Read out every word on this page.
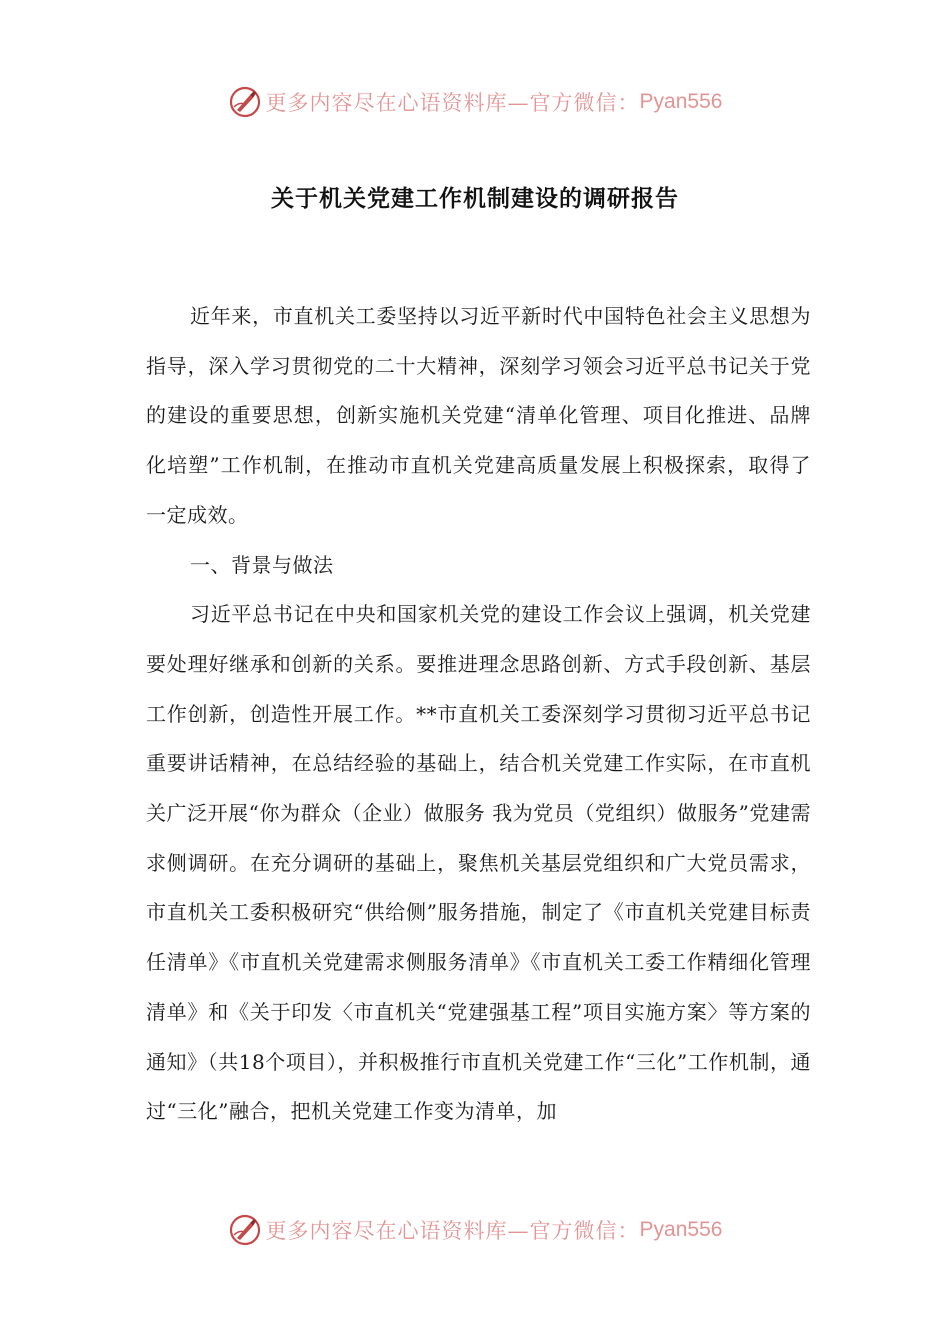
更多内容尽在心语资料库—官方微信： Pyan556
关于机关党建工作机制建设的调研报告

近年来，市直机关工委坚持以习近平新时代中国特色社会主义思想为指导，深入学习贯彻党的二十大精神，深刻学习领会习近平总书记关于党的建设的重要思想，创新实施机关党建“清单化管理、项目化推进、品牌化培塑”工作机制，在推动市直机关党建高质量发展上积极探索，取得了一定成效。

一、背景与做法

习近平总书记在中央和国家机关党的建设工作会议上强调，机关党建要处理好继承和创新的关系。要推进理念思路创新、方式手段创新、基层工作创新，创造性开展工作。**市直机关工委深刻学习贯彻习近平总书记重要讲话精神，在总结经验的基础上，结合机关党建工作实际，在市直机关广泛开展“你为群众（企业）做服务 我为党员（党组织）做服务”党建需求侧调研。在充分调研的基础上，聚焦机关基层党组织和广大党员需求，市直机关工委积极研究“供给侧”服务措施，制定了《市直机关党建目标责任清单》《市直机关党建需求侧服务清单》《市直机关工委工作精细化管理清单》和《关于印发〈市直机关“党建强基工程”项目实施方案〉等方案的通知》（共18个项目），并积极推行市直机关党建工作“三化”工作机制，通过“三化”融合，把机关党建工作变为清单，加

更多内容尽在心语资料库—官方微信： Pyan556
